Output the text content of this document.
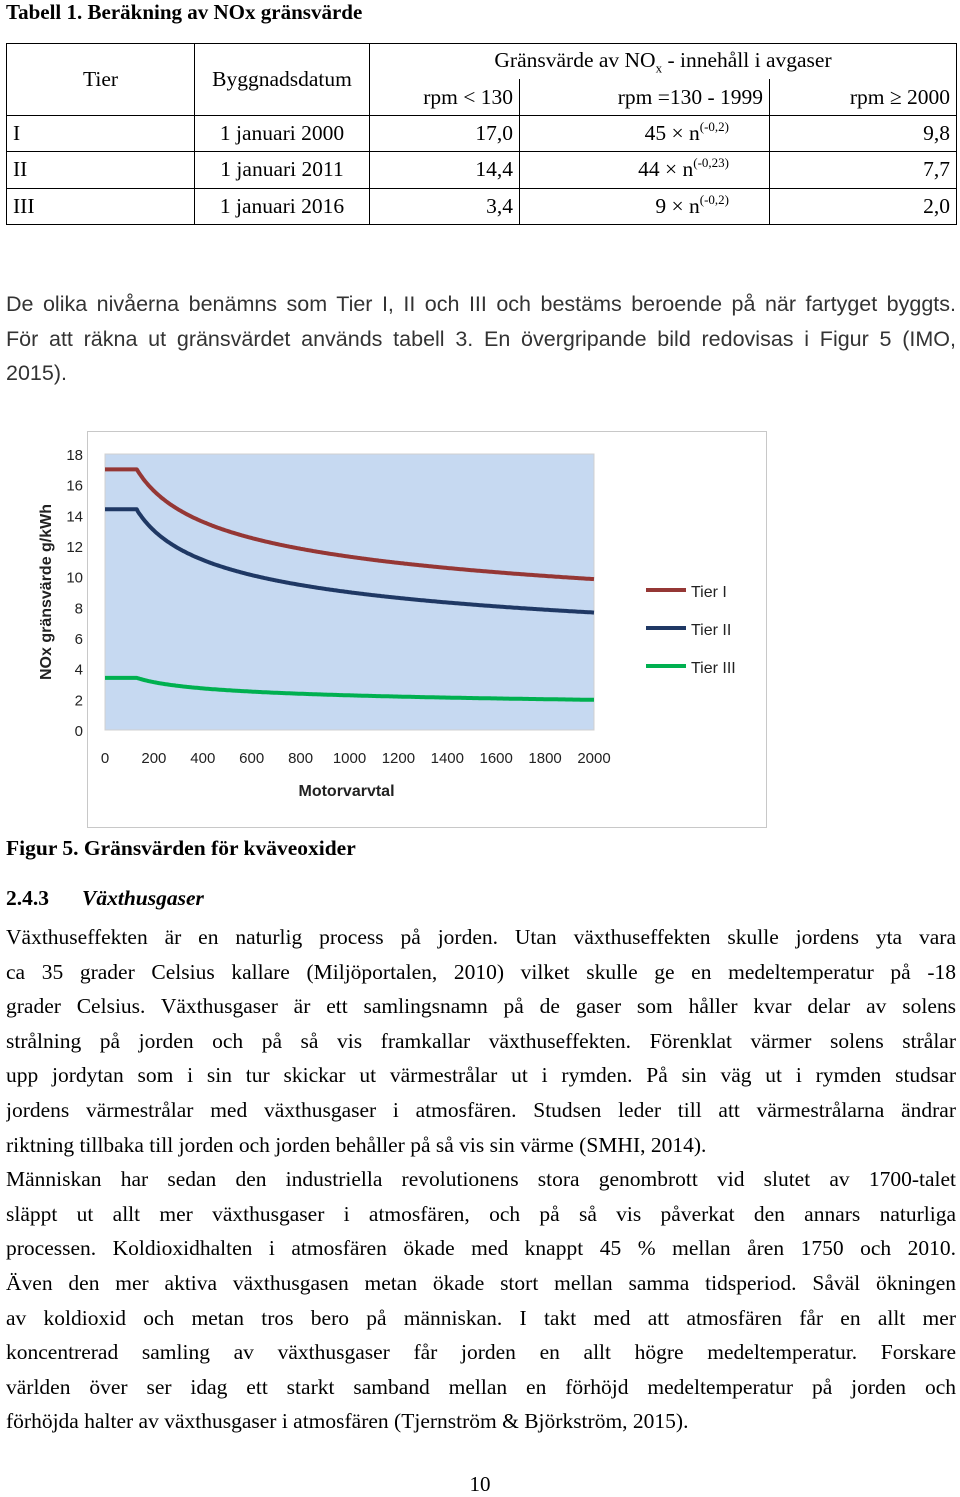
Tabell 1. Beräkning av NOx gränsvärde
Tier	Byggnadsdatum	Gränsvärde av $NO_x$ - innehåll i avgaser		
		rpm < 130	rpm =130 - 1999	rpm ≥ 2000
I	1 januari 2000	17,0	$45 \times n^{(-0,2)}$	9,8
II	1 januari 2011	14,4	$44 \times n^{(-0,23)}$	7,7
III	1 januari 2016	3,4	$9 \times n^{(-0,2)}$	2,0
De olika nivåerna benämns som Tier I, II och III och bestäms beroende på när fartyget byggts.
För att räkna ut gränsvärdet används tabell 3. En övergripande bild redovisas i Figur 5 (IMO,
2015).
0
2
4
6
8
10
12
14
16
18
0 200 400 600 800 1000 1200 1400 1600 1800 2000
Motorvarvtal
NOx gränsvärde g/kWh	Tier I
Tier II
Tier III
Figur 5. Gränsvärden för kväveoxider
2.4.3 Växthusgaser
Växthuseffekten är en naturlig process på jorden. Utan växthuseffekten skulle jordens yta vara
ca 35 grader Celsius kallare (Miljöportalen, 2010) vilket skulle ge en medeltemperatur på -18
grader Celsius. Växthusgaser är ett samlingsnamn på de gaser som håller kvar delar av solens
strålning på jorden och på så vis framkallar växthuseffekten. Förenklat värmer solens strålar
upp jordytan som i sin tur skickar ut värmestrålar ut i rymden. På sin väg ut i rymden studsar
jordens värmestrålar med växthusgaser i atmosfären. Studsen leder till att värmestrålarna ändrar
riktning tillbaka till jorden och jorden behåller på så vis sin värme (SMHI, 2014).
Människan har sedan den industriella revolutionens stora genombrott vid slutet av 1700-talet
släppt ut allt mer växthusgaser i atmosfären, och på så vis påverkat den annars naturliga
processen. Koldioxidhalten i atmosfären ökade med knappt 45 % mellan åren 1750 och 2010.
Även den mer aktiva växthusgasen metan ökade stort mellan samma tidsperiod. Såväl ökningen
av koldioxid och metan tros bero på människan. I takt med att atmosfären får en allt mer
koncentrerad samling av växthusgaser får jorden en allt högre medeltemperatur. Forskare
världen över ser idag ett starkt samband mellan en förhöjd medeltemperatur på jorden och
förhöjda halter av växthusgaser i atmosfären (Tjernström & Björkström, 2015).
10
